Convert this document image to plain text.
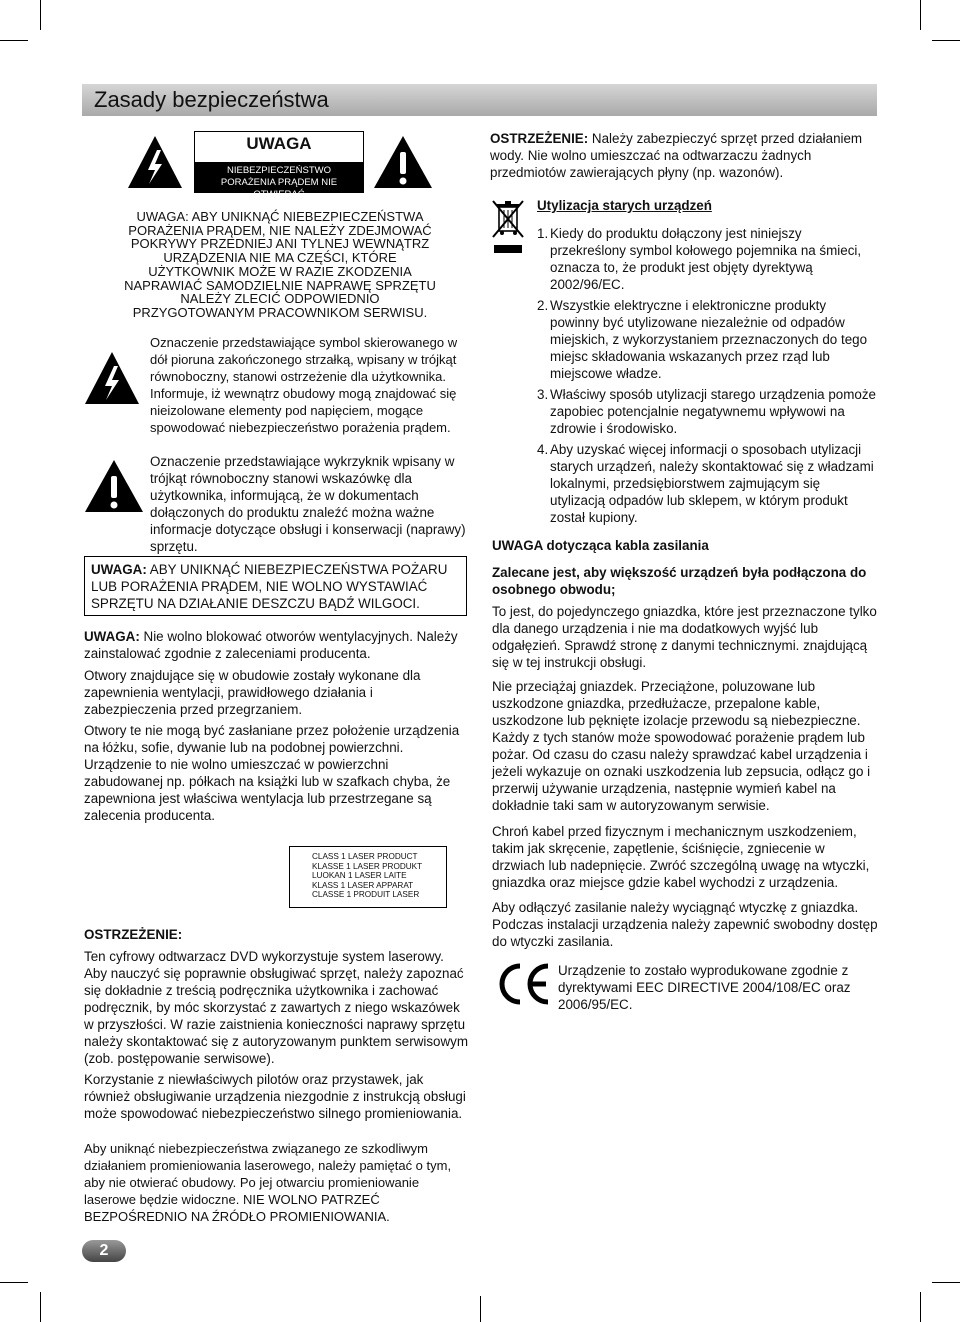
Zasady bezpieczeństwa
UWAGA
NIEBEZPIECZEŃSTWO
PORAŻENIA PRĄDEM NIE OTWIERAĆ
UWAGA: ABY UNIKNĄĆ NIEBEZPIECZEŃSTWA
PORAŻENIA PRĄDEM, NIE NALEŻY ZDEJMOWAĆ
POKRYWY PRZEDNIEJ ANI TYLNEJ WEWNĄTRZ
URZĄDZENIA NIE MA CZĘŚCI, KTÓRE
UŻYTKOWNIK MOŻE W RAZIE ZKODZENIA
NAPRAWIAĆ SAMODZIELNIE NAPRAWĘ SPRZĘTU
NALEŻY ZLECIĆ ODPOWIEDNIO
PRZYGOTOWANYM PRACOWNIKOM SERWISU.
Oznaczenie przedstawiające symbol skierowanego w dół pioruna zakończonego strzałką, wpisany w trójkąt równoboczny, stanowi ostrzeżenie dla użytkownika. Informuje, iż wewnątrz obudowy mogą znajdować się nieizolowane elementy pod napięciem, mogące spowodować niebezpieczeństwo porażenia prądem.
Oznaczenie przedstawiające wykrzyknik wpisany w trójkąt równoboczny stanowi wskazówkę dla użytkownika, informującą, że w dokumentach dołączonych do produktu znaleźć można ważne informacje dotyczące obsługi i konserwacji (naprawy) sprzętu.
UWAGA: ABY UNIKNĄĆ NIEBEZPIECZEŃSTWA POŻARU LUB PORAŻENIA PRĄDEM, NIE WOLNO WYSTAWIAĆ SPRZĘTU NA DZIAŁANIE DESZCZU BĄDŹ WILGOCI.
UWAGA: Nie wolno blokować otworów wentylacyjnych. Należy zainstalować zgodnie z zaleceniami producenta.
Otwory znajdujące się w obudowie zostały wykonane dla zapewnienia wentylacji, prawidłowego działania i zabezpieczenia przed przegrzaniem.
Otwory te nie mogą być zasłaniane przez położenie urządzenia na łóżku, sofie, dywanie lub na podobnej powierzchni. Urządzenie to nie wolno umieszczać w powierzchni zabudowanej np. półkach na książki lub w szafkach chyba, że zapewniona jest właściwa wentylacja lub przestrzegane są zalecenia producenta.
CLASS 1 LASER PRODUCT
KLASSE 1 LASER PRODUKT
LUOKAN 1 LASER LAITE
KLASS 1 LASER APPARAT
CLASSE 1 PRODUIT LASER
OSTRZEŻENIE:
Ten cyfrowy odtwarzacz DVD wykorzystuje system laserowy. Aby nauczyć się poprawnie obsługiwać sprzęt, należy zapoznać się dokładnie z treścią podręcznika użytkownika i zachować podręcznik, by móc skorzystać z zawartych z niego wskazówek w przyszłości. W razie zaistnienia konieczności naprawy sprzętu należy skontaktować się z autoryzowanym punktem serwisowym (zob. postępowanie serwisowe).
Korzystanie z niewłaściwych pilotów oraz przystawek, jak również obsługiwanie urządzenia niezgodnie z instrukcją obsługi może spowodować niebezpieczeństwo silnego promieniowania.
Aby uniknąć niebezpieczeństwa związanego ze szkodliwym działaniem promieniowania laserowego, należy pamiętać o tym, aby nie otwierać obudowy. Po jej otwarciu promieniowanie laserowe będzie widoczne. NIE WOLNO PATRZEĆ BEZPOŚREDNIO NA ŹRÓDŁO PROMIENIOWANIA.
2
OSTRZEŻENIE: Należy zabezpieczyć sprzęt przed działaniem wody. Nie wolno umieszczać na odtwarzaczu żadnych przedmiotów zawierających płyny (np. wazonów).
Utylizacja starych urządzeń
1. Kiedy do produktu dołączony jest niniejszy przekreślony symbol kołowego pojemnika na śmieci, oznacza to, że produkt jest objęty dyrektywą 2002/96/EC.
2. Wszystkie elektryczne i elektroniczne produkty powinny być utylizowane niezależnie od odpadów miejskich, z wykorzystaniem przeznaczonych do tego miejsc składowania wskazanych przez rząd lub miejscowe władze.
3. Właściwy sposób utylizacji starego urządzenia pomoże zapobiec potencjalnie negatywnemu wpływowi na zdrowie i środowisko.
4. Aby uzyskać więcej informacji o sposobach utylizacji starych urządzeń, należy skontaktować się z władzami lokalnymi, przedsiębiorstwem zajmującym się utylizacją odpadów lub sklepem, w którym produkt został kupiony.
UWAGA dotycząca kabla zasilania
Zalecane jest, aby większość urządzeń była podłączona do osobnego obwodu;
To jest, do pojedynczego gniazdka, które jest przeznaczone tylko dla danego urządzenia i nie ma dodatkowych wyjść lub odgałęzień. Sprawdź stronę z danymi technicznymi. znajdującą się w tej instrukcji obsługi.
Nie przeciążaj gniazdek. Przeciążone, poluzowane lub uszkodzone gniazdka, przedłużacze, przepalone kable, uszkodzone lub pęknięte izolacje przewodu są niebezpieczne. Każdy z tych stanów może spowodować porażenie prądem lub pożar. Od czasu do czasu należy sprawdzać kabel urządzenia i jeżeli wykazuje on oznaki uszkodzenia lub zepsucia, odłącz go i przerwij używanie urządzenia, następnie wymień kabel na dokładnie taki sam w autoryzowanym serwisie.
Chroń kabel przed fizycznym i mechanicznym uszkodzeniem, takim jak skręcenie, zapętlenie, ściśnięcie, zgniecenie w drzwiach lub nadepnięcie. Zwróć szczególną uwagę na wtyczki, gniazdka oraz miejsce gdzie kabel wychodzi z urządzenia.
Aby odłączyć zasilanie należy wyciągnąć wtyczkę z gniazdka. Podczas instalacji urządzenia należy zapewnić swobodny dostęp do wtyczki zasilania.
Urządzenie to zostało wyprodukowane zgodnie z dyrektywami EEC DIRECTIVE 2004/108/EC oraz 2006/95/EC.
